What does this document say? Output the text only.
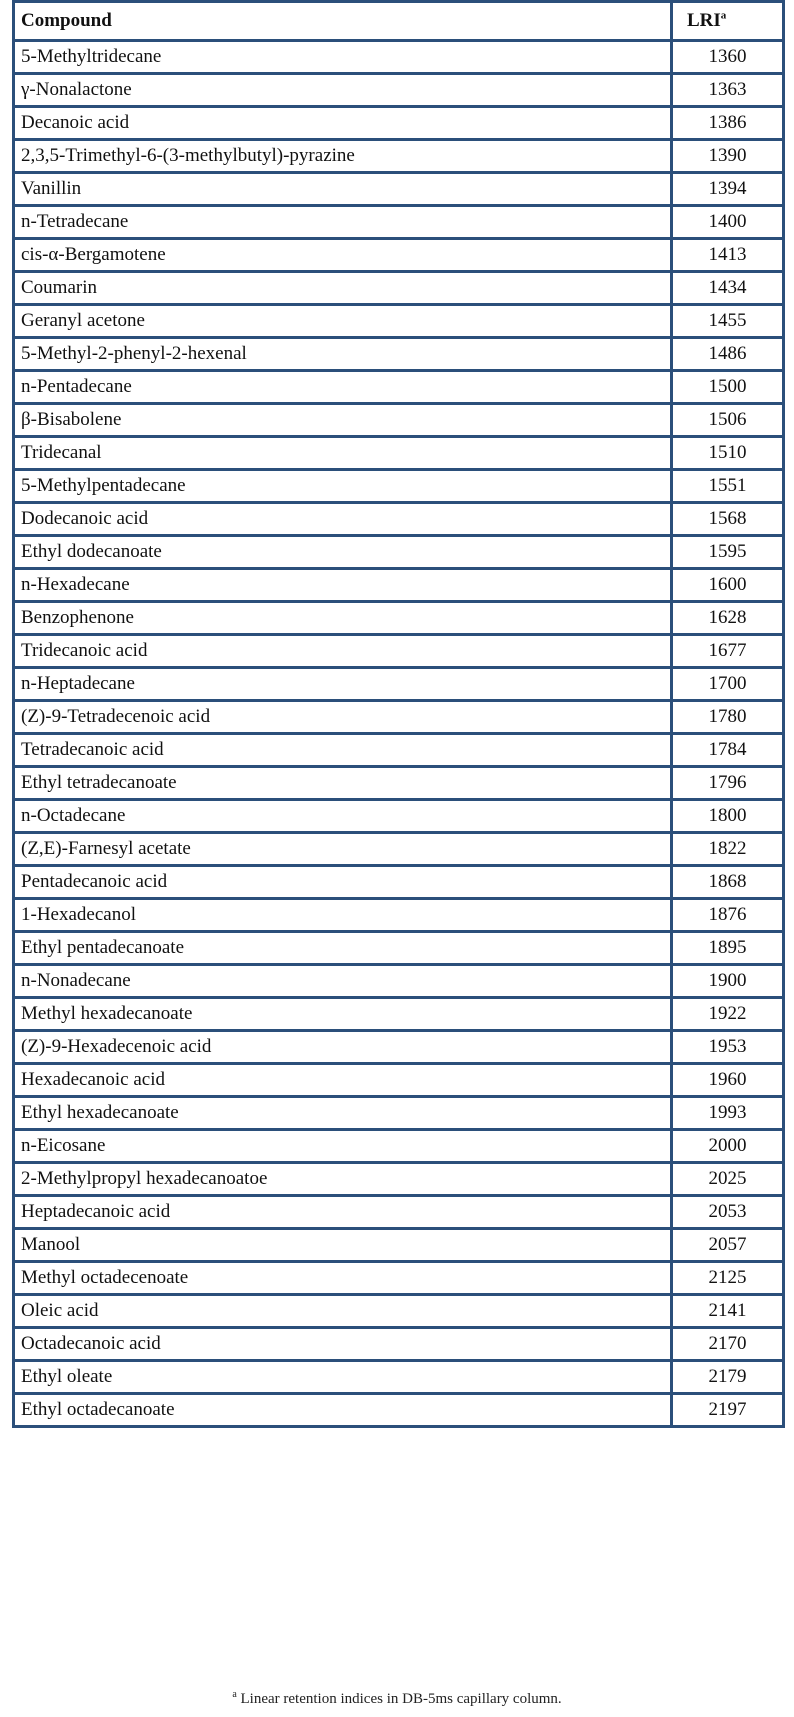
Compound	LRI$^a$
5-Methyltridecane	1360
γ-Nonalactone	1363
Decanoic acid	1386
2,3,5-Trimethyl-6-(3-methylbutyl)-pyrazine	1390
Vanillin	1394
n-Tetradecane	1400
cis-α-Bergamotene	1413
Coumarin	1434
Geranyl acetone	1455
5-Methyl-2-phenyl-2-hexenal	1486
n-Pentadecane	1500
β-Bisabolene	1506
Tridecanal	1510
5-Methylpentadecane	1551
Dodecanoic acid	1568
Ethyl dodecanoate	1595
n-Hexadecane	1600
Benzophenone	1628
Tridecanoic acid	1677
n-Heptadecane	1700
(Z)-9-Tetradecenoic acid	1780
Tetradecanoic acid	1784
Ethyl tetradecanoate	1796
n-Octadecane	1800
(Z,E)-Farnesyl acetate	1822
Pentadecanoic acid	1868
1-Hexadecanol	1876
Ethyl pentadecanoate	1895
n-Nonadecane	1900
Methyl hexadecanoate	1922
(Z)-9-Hexadecenoic acid	1953
Hexadecanoic acid	1960
Ethyl hexadecanoate	1993
n-Eicosane	2000
2-Methylpropyl hexadecanoatoe	2025
Heptadecanoic acid	2053
Manool	2057
Methyl octadecenoate	2125
Oleic acid	2141
Octadecanoic acid	2170
Ethyl oleate	2179
Ethyl octadecanoate	2197
$^a$ Linear retention indices in DB-5ms capillary column.
